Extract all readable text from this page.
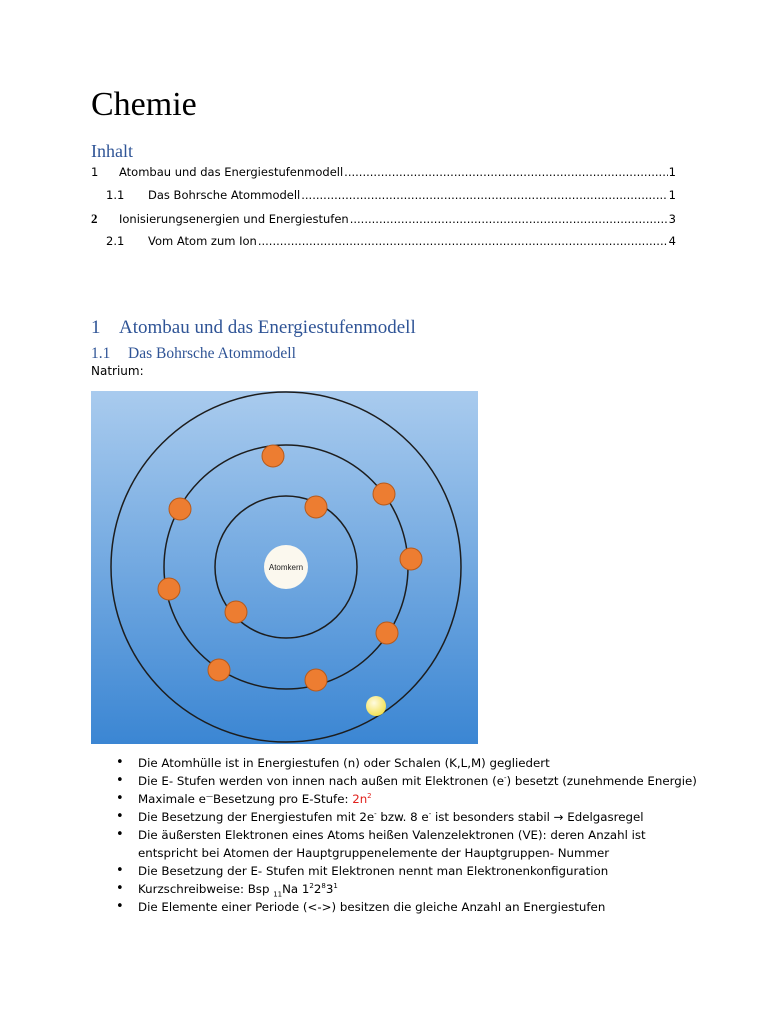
Chemie
Inhalt
1	Atombau und das Energiestufenmodell .....	1
1.1	Das Bohrsche Atommodell .....	1
2	Ionisierungsenergien und Energiestufen .....	3
2.1	Vom Atom zum Ion .....	4
1 Atombau und das Energiestufenmodell
1.1 Das Bohrsche Atommodell
Natrium:
Atomkern
• Die Atomhülle ist in Energiestufen (n) oder Schalen (K,L,M) gegliedert
• Die E- Stufen werden von innen nach außen mit Elektronen (e-) besetzt (zunehmende Energie)
• Maximale e—Besetzung pro E-Stufe: $2n^2$
• Die Besetzung der Energiestufen mit 2e- bzw. 8 e- ist besonders stabil → Edelgasregel
• Die äußersten Elektronen eines Atoms heißen Valenzelektronen (VE): deren Anzahl ist entspricht bei Atomen der Hauptgruppenelemente der Hauptgruppen- Nummer
• Die Besetzung der E- Stufen mit Elektronen nennt man Elektronenkonfiguration
• Kurzschreibweise: Bsp $_{11}$Na $1^22^83^1$
• Die Elemente einer Periode (<->) besitzen die gleiche Anzahl an Energiestufen
